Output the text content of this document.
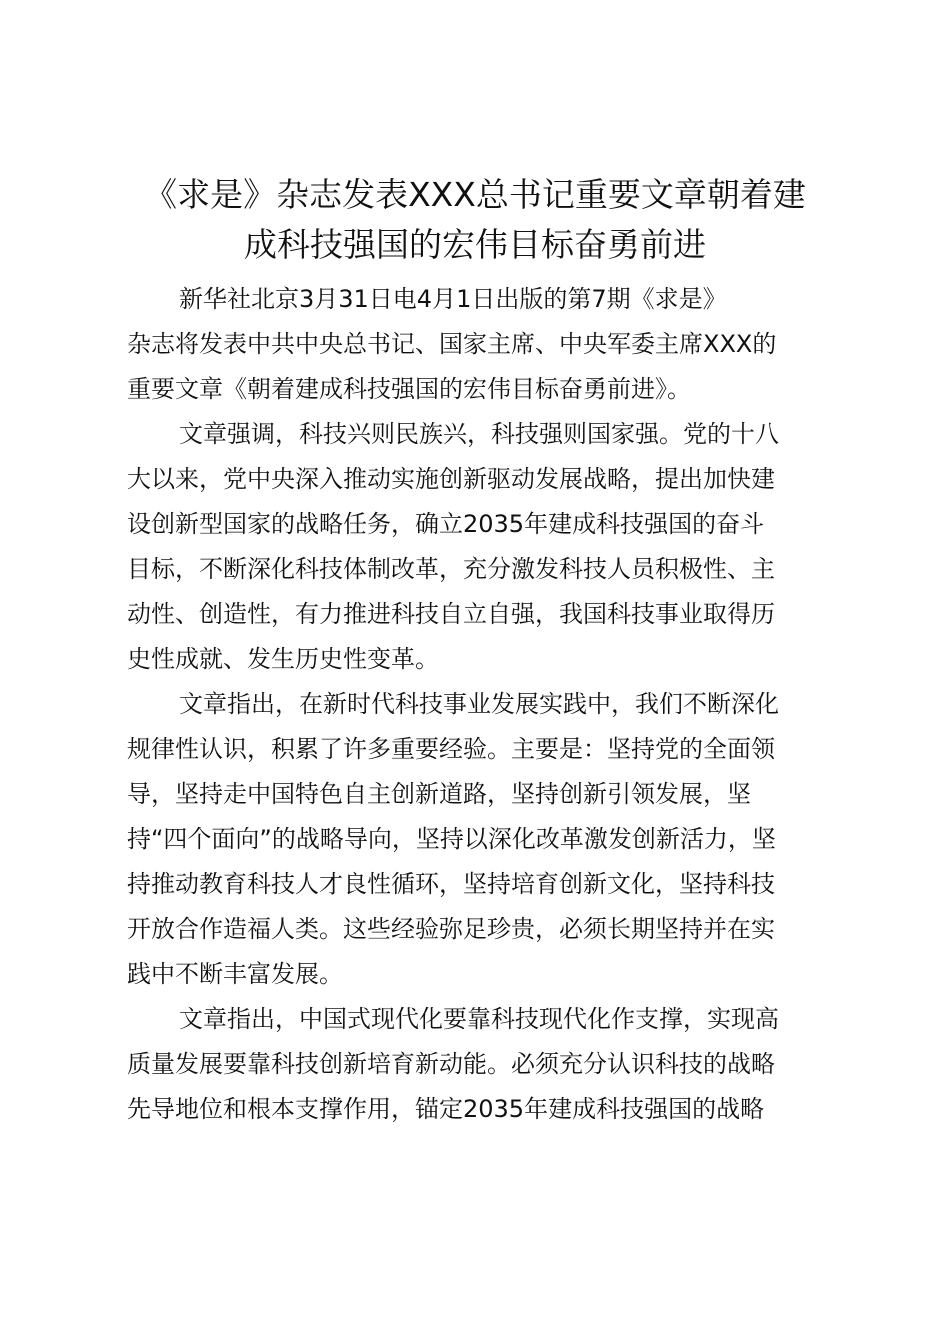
《求是》杂志发表XXX总书记重要文章朝着建
成科技强国的宏伟目标奋勇前进

新华社北京3月31日电4月1日出版的第7期《求是》
杂志将发表中共中央总书记、国家主席、中央军委主席XXX的
重要文章《朝着建成科技强国的宏伟目标奋勇前进》。

文章强调，科技兴则民族兴，科技强则国家强。党的十八
大以来，党中央深入推动实施创新驱动发展战略，提出加快建
设创新型国家的战略任务，确立2035年建成科技强国的奋斗
目标，不断深化科技体制改革，充分激发科技人员积极性、主
动性、创造性，有力推进科技自立自强，我国科技事业取得历
史性成就、发生历史性变革。

文章指出，在新时代科技事业发展实践中，我们不断深化
规律性认识，积累了许多重要经验。主要是：坚持党的全面领
导，坚持走中国特色自主创新道路，坚持创新引领发展，坚
持“四个面向”的战略导向，坚持以深化改革激发创新活力，坚
持推动教育科技人才良性循环，坚持培育创新文化，坚持科技
开放合作造福人类。这些经验弥足珍贵，必须长期坚持并在实
践中不断丰富发展。

文章指出，中国式现代化要靠科技现代化作支撑，实现高
质量发展要靠科技创新培育新动能。必须充分认识科技的战略
先导地位和根本支撑作用，锚定2035年建成科技强国的战略
